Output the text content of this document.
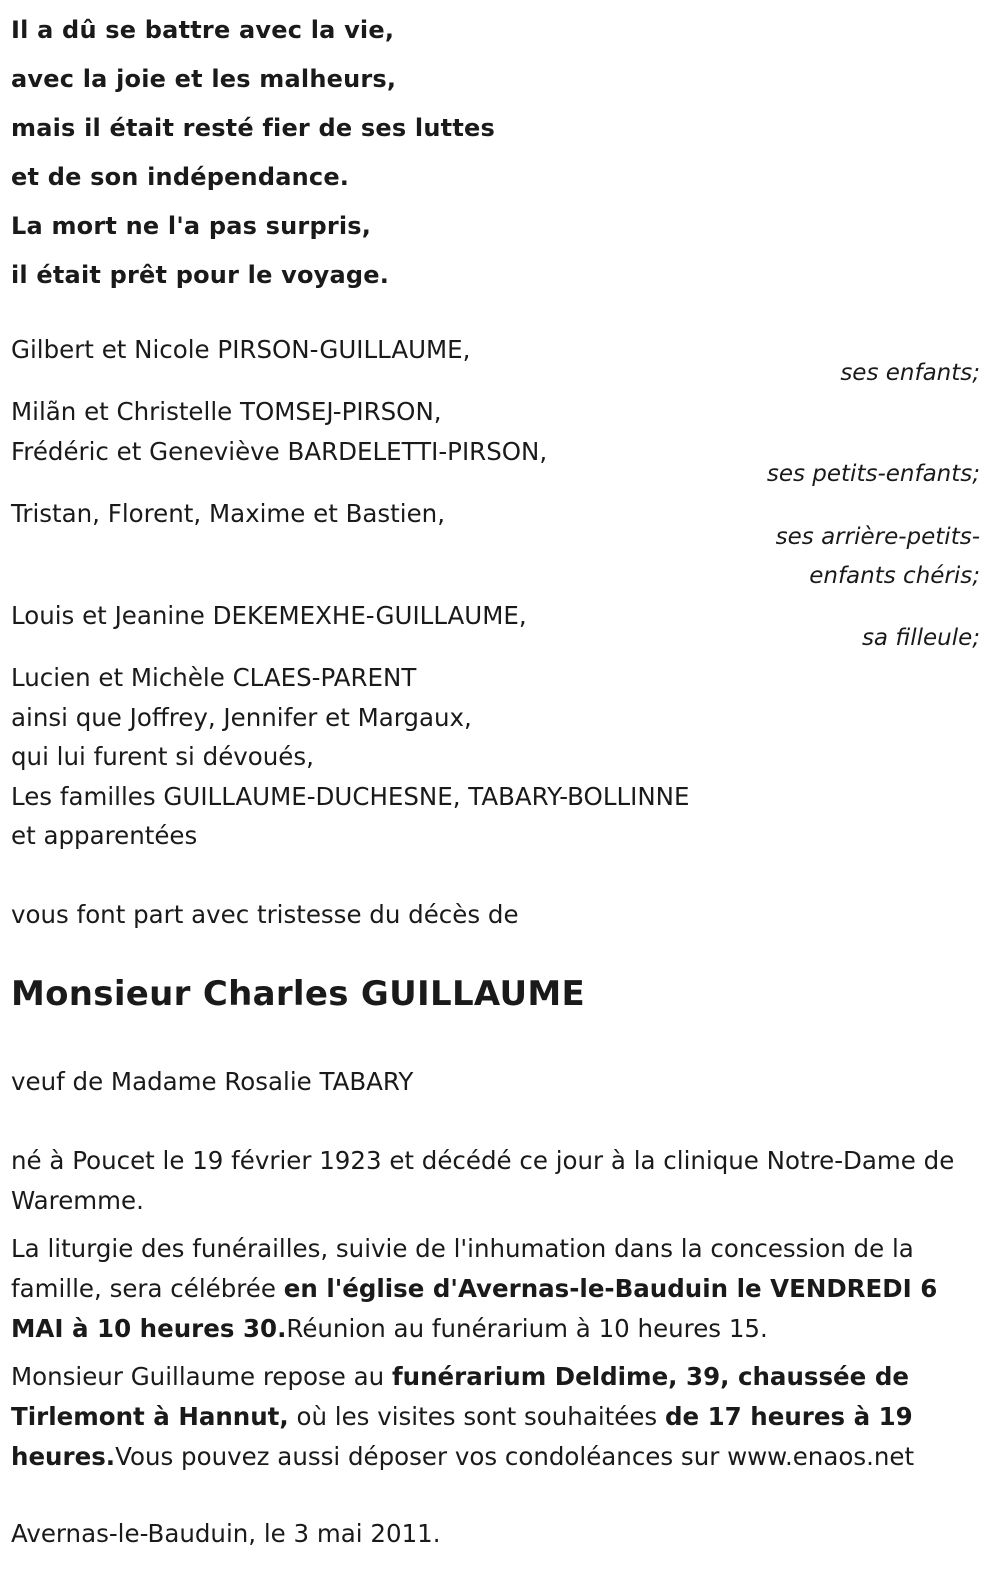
Il a dû se battre avec la vie,
avec la joie et les malheurs,
mais il était resté fier de ses luttes
et de son indépendance.
La mort ne l'a pas surpris,
il était prêt pour le voyage.
Gilbert et Nicole PIRSON-GUILLAUME,
ses enfants;
Milãn et Christelle TOMSEJ-PIRSON,
Frédéric et Geneviève BARDELETTI-PIRSON,
ses petits-enfants;
Tristan, Florent, Maxime et Bastien,
ses arrière-petits-
enfants chéris;
Louis et Jeanine DEKEMEXHE-GUILLAUME,
sa filleule;
Lucien et Michèle CLAES-PARENT
ainsi que Joffrey, Jennifer et Margaux,
qui lui furent si dévoués,
Les familles GUILLAUME-DUCHESNE, TABARY-BOLLINNE
et apparentées
vous font part avec tristesse du décès de
Monsieur Charles GUILLAUME
veuf de Madame Rosalie TABARY
né à Poucet le 19 février 1923 et décédé ce jour à la clinique Notre-Dame de Waremme.
La liturgie des funérailles, suivie de l'inhumation dans la concession de la famille, sera célébrée en l'église d'Avernas-le-Bauduin le VENDREDI 6 MAI à 10 heures 30.Réunion au funérarium à 10 heures 15.
Monsieur Guillaume repose au funérarium Deldime, 39, chaussée de Tirlemont à Hannut, où les visites sont souhaitées de 17 heures à 19 heures.Vous pouvez aussi déposer vos condoléances sur www.enaos.net
Avernas-le-Bauduin, le 3 mai 2011.
